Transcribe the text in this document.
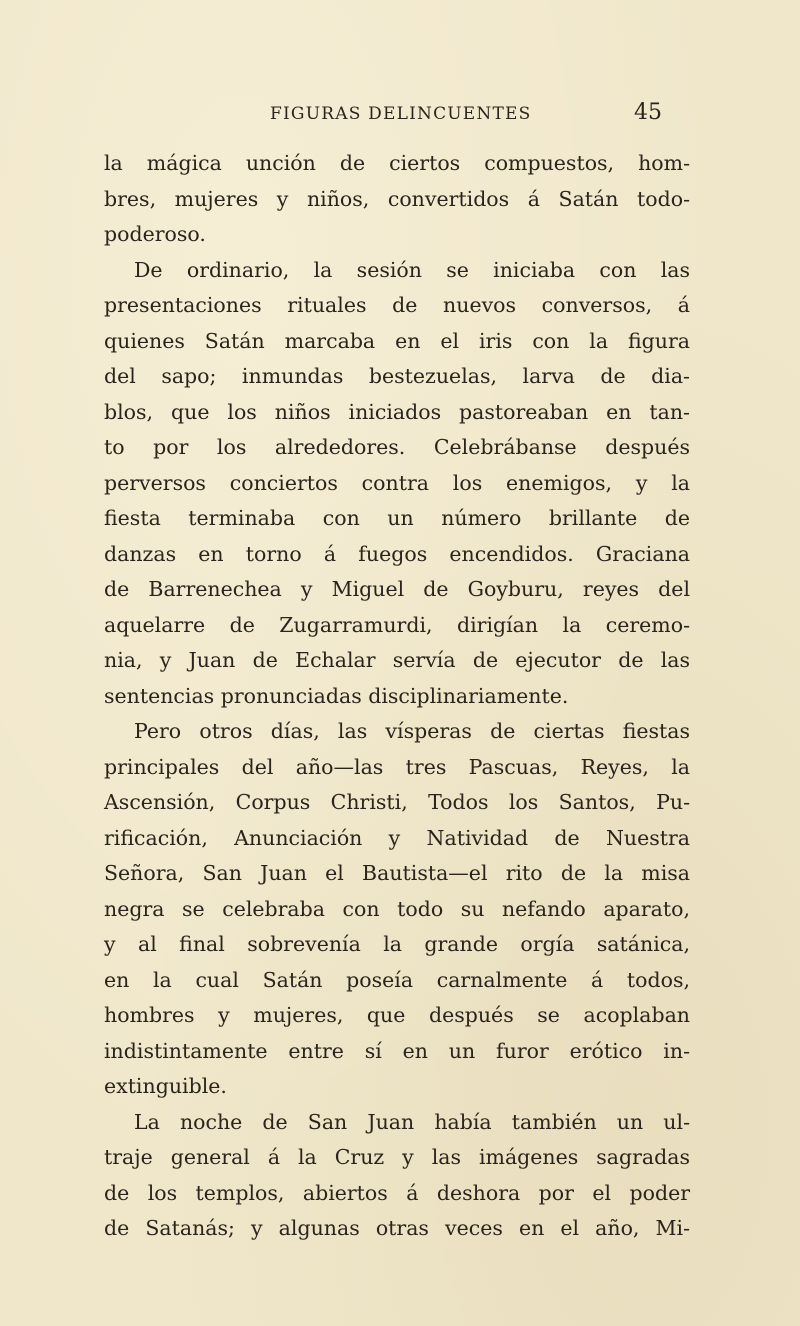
FIGURAS DELINCUENTES	45
la mágica unción de ciertos compuestos, hom-
bres, mujeres y niños, convertidos á Satán todo-
poderoso.
De ordinario, la sesión se iniciaba con las
presentaciones rituales de nuevos conversos, á
quienes Satán marcaba en el iris con la figura
del sapo; inmundas bestezuelas, larva de dia-
blos, que los niños iniciados pastoreaban en tan-
to por los alrededores. Celebrábanse después
perversos conciertos contra los enemigos, y la
fiesta terminaba con un número brillante de
danzas en torno á fuegos encendidos. Graciana
de Barrenechea y Miguel de Goyburu, reyes del
aquelarre de Zugarramurdi, dirigían la ceremo-
nia, y Juan de Echalar servía de ejecutor de las
sentencias pronunciadas disciplinariamente.
Pero otros días, las vísperas de ciertas fiestas
principales del año—las tres Pascuas, Reyes, la
Ascensión, Corpus Christi, Todos los Santos, Pu-
rificación, Anunciación y Natividad de Nuestra
Señora, San Juan el Bautista—el rito de la misa
negra se celebraba con todo su nefando aparato,
y al final sobrevenía la grande orgía satánica,
en la cual Satán poseía carnalmente á todos,
hombres y mujeres, que después se acoplaban
indistintamente entre sí en un furor erótico in-
extinguible.
La noche de San Juan había también un ul-
traje general á la Cruz y las imágenes sagradas
de los templos, abiertos á deshora por el poder
de Satanás; y algunas otras veces en el año, Mi-
